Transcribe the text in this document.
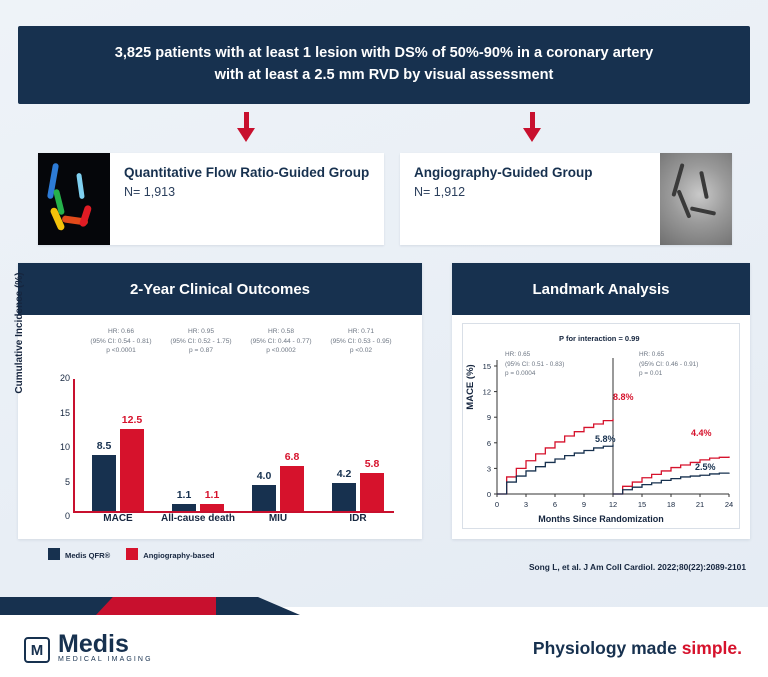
3,825 patients with at least 1 lesion with DS% of 50%-90% in a coronary artery
with at least a 2.5 mm RVD by visual assessment
Quantitative Flow Ratio-Guided Group
N= 1,913
Angiography-Guided Group
N= 1,912
2-Year Clinical Outcomes
Cumulative Incidence (%)	20
15
10
5
0
8.5
12.5
MACE
HR: 0.66
(95% CI: 0.54 - 0.81)
p <0.0001
1.1	1.1
All-cause death
HR: 0.95
(95% CI: 0.52 - 1.75)
p = 0.87
4.0
6.8
MIU
HR: 0.58
(95% CI: 0.44 - 0.77)
p <0.0002
4.2
5.8
IDR
HR: 0.71
(95% CI: 0.53 - 0.95)
p <0.02
Medis QFR®	Angiography-based
Landmark Analysis
MACE (%)
P for interaction = 0.99
HR: 0.65
(95% CI: 0.51 - 0.83)
p = 0.0004
HR: 0.65
(95% CI: 0.46 - 0.91)
p = 0.01
15
12
9
6
3
0
0	3	6	9	12	15	18	21	24
8.8%
5.8%
4.4%
2.5%
Months Since Randomization
Song L, et al. J Am Coll Cardiol. 2022;80(22):2089-2101
M Medis
MEDICAL IMAGING
Physiology made simple.
